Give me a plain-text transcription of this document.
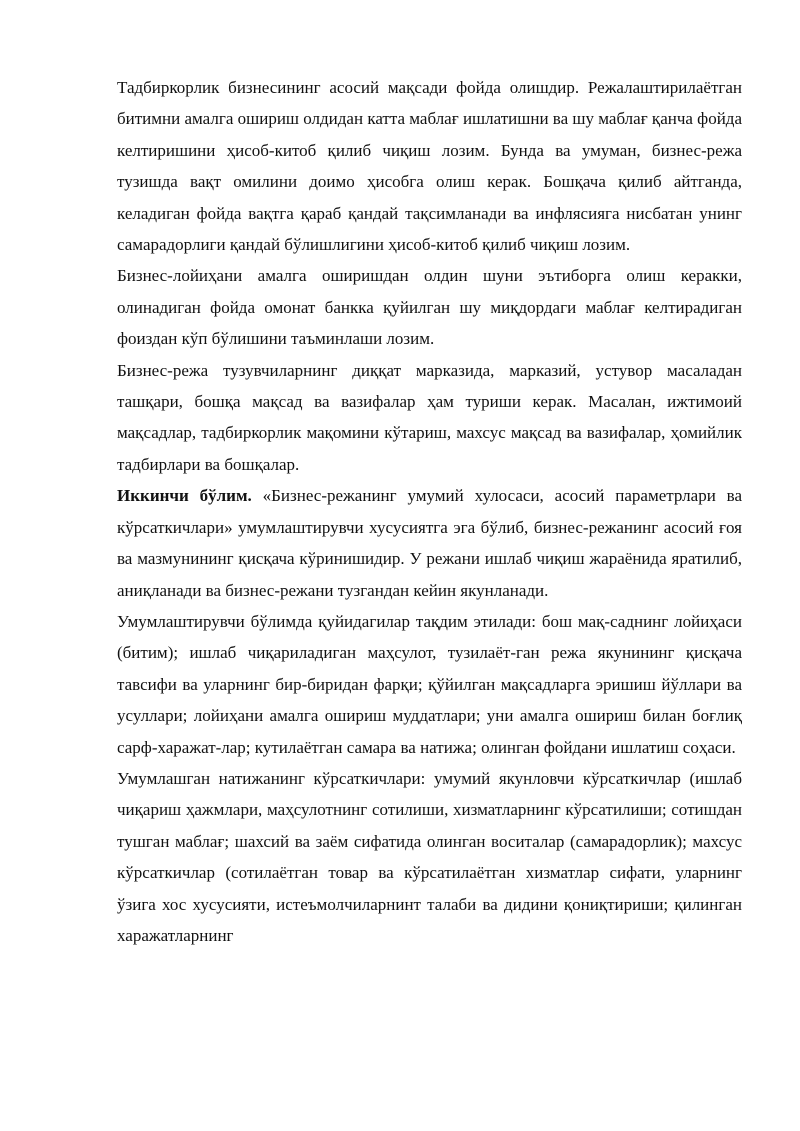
Тадбиркорлик бизнесининг асосий мақсади фойда олишдир. Режалаштирилаётган битимни амалга ошириш олдидан катта маблағ ишлатишни ва шу маблағ қанча фойда келтиришини ҳисоб-китоб қилиб чиқиш лозим. Бунда ва умуман, бизнес-режа тузишда вақт омилини доимо ҳисобга олиш керак. Бошқача қилиб айтганда, келадиган фойда вақтга қараб қандай тақсимланади ва инфлясияга нисбатан унинг самарадорлиги қандай бўлишлигини ҳисоб-китоб қилиб чиқиш лозим.

Бизнес-лойиҳани амалга оширишдан олдин шуни эътиборга олиш керакки, олинадиган фойда омонат банкка қуйилган шу миқдордаги маблағ келтирадиган фоиздан кўп бўлишини таъминлаши лозим.

Бизнес-режа тузувчиларнинг диққат марказида, марказий, устувор масаладан ташқари, бошқа мақсад ва вазифалар ҳам туриши керак. Масалан, ижтимоий мақсадлар, тадбиркорлик мақомини кўтариш, махсус мақсад ва вазифалар, ҳомийлик тадбирлари ва бошқалар.

Иккинчи бўлим. «Бизнес-режанинг умумий хулосаси, асосий параметрлари ва кўрсаткичлари» умумлаштирувчи хусусиятга эга бўлиб, бизнес-режанинг асосий ғоя ва мазмунининг қисқача кўринишидир. У режани ишлаб чиқиш жараёнида яратилиб, аниқланади ва бизнес-режани тузгандан кейин якунланади.

Умумлаштирувчи бўлимда қуйидагилар тақдим этилади: бош мақ-саднинг лойиҳаси (битим); ишлаб чиқариладиган маҳсулот, тузилаёт-ган режа якунининг қисқача тавсифи ва уларнинг бир-биридан фарқи; қўйилган мақсадларга эришиш йўллари ва усуллари; лойиҳани амалга ошириш муддатлари; уни амалга ошириш билан боғлиқ сарф-харажат-лар; кутилаётган самара ва натижа; олинган фойдани ишлатиш соҳаси.

Умумлашган натижанинг кўрсаткичлари: умумий якунловчи кўрсаткичлар (ишлаб чиқариш ҳажмлари, маҳсулотнинг сотилиши, хизматларнинг кўрсатилиши; сотишдан тушган маблағ; шахсий ва заём сифатида олинган воситалар (самарадорлик); махсус кўрсаткичлар (сотилаётган товар ва кўрсатилаётган хизматлар сифати, уларнинг ўзига хос хусусияти, истеъмолчиларнинт талаби ва дидини қониқтириши; қилинган харажатларнинг
